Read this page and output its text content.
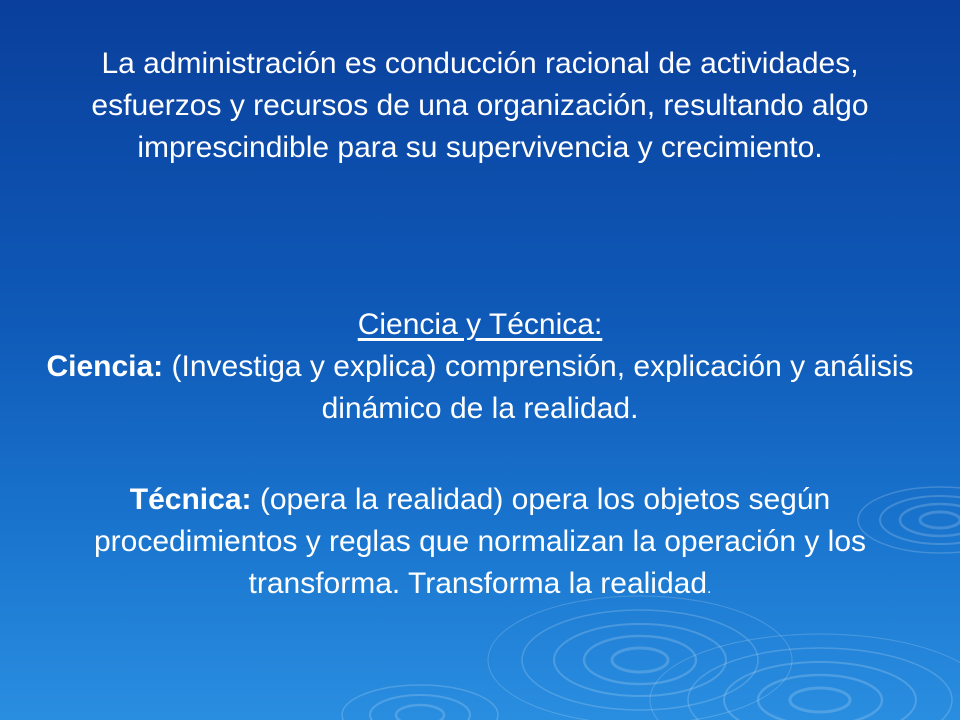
La administración es conducción racional de actividades, esfuerzos y recursos de una organización, resultando algo imprescindible para su supervivencia y crecimiento.

Ciencia y Técnica:

Ciencia: (Investiga y explica) comprensión, explicación y análisis dinámico de la realidad.

Técnica: (opera la realidad) opera los objetos según procedimientos y reglas que normalizan la operación y los transforma. Transforma la realidad.
